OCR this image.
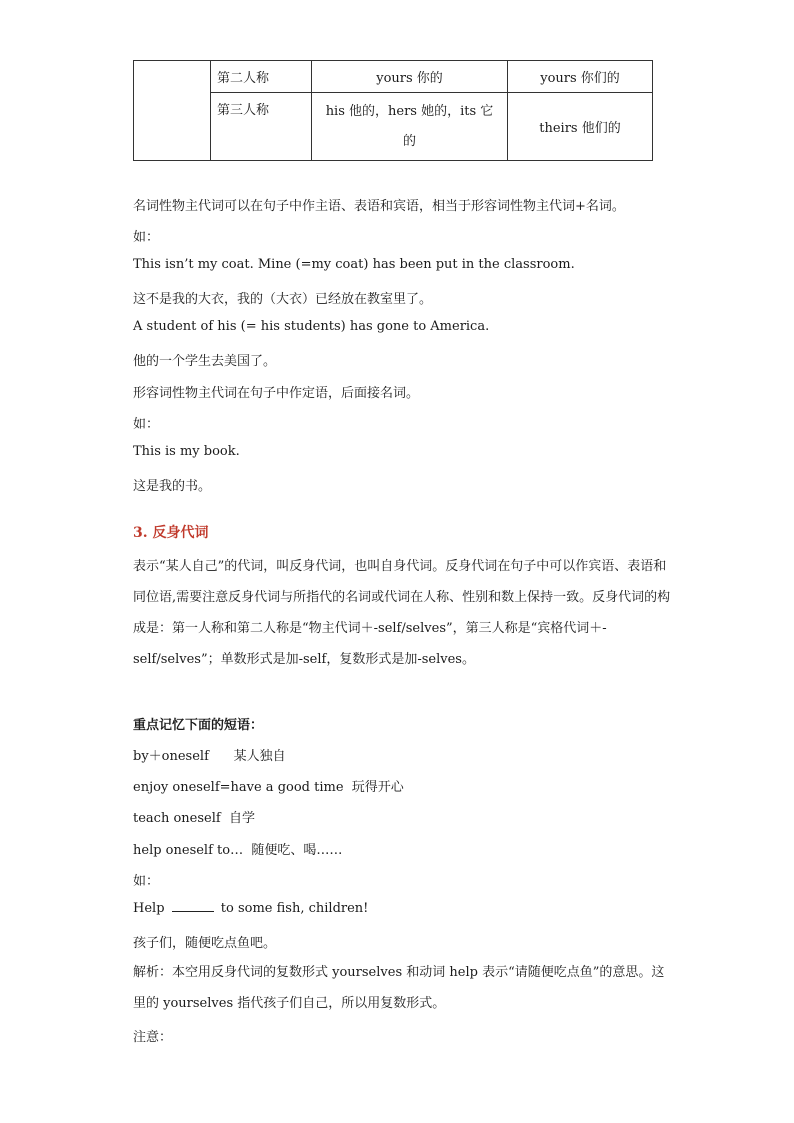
	第二人称	yours 你的	yours 你们的
	第三人称	his 他的，hers 她的，its 它的	theirs 他们的
名词性物主代词可以在句子中作主语、表语和宾语，相当于形容词性物主代词+名词。
如：
This isn’t my coat. Mine (=my coat) has been put in the classroom.
这不是我的大衣，我的（大衣）已经放在教室里了。
A student of his (= his students) has gone to America.
他的一个学生去美国了。
形容词性物主代词在句子中作定语，后面接名词。
如：
This is my book.
这是我的书。
3. 反身代词
表示“某人自己”的代词，叫反身代词，也叫自身代词。反身代词在句子中可以作宾语、表语和同位语,需要注意反身代词与所指代的名词或代词在人称、性别和数上保持一致。反身代词的构成是：第一人称和第二人称是“物主代词＋-self/selves”，第三人称是“宾格代词＋-self/selves”；单数形式是加-self，复数形式是加-selves。
重点记忆下面的短语：
by＋oneself      某人独自
enjoy oneself=have a good time  玩得开心
teach oneself  自学
help oneself to…  随便吃、喝……
如：
Help	to some fish, children!
孩子们，随便吃点鱼吧。
解析：本空用反身代词的复数形式 yourselves 和动词 help 表示“请随便吃点鱼”的意思。这里的 yourselves 指代孩子们自己，所以用复数形式。
注意：
